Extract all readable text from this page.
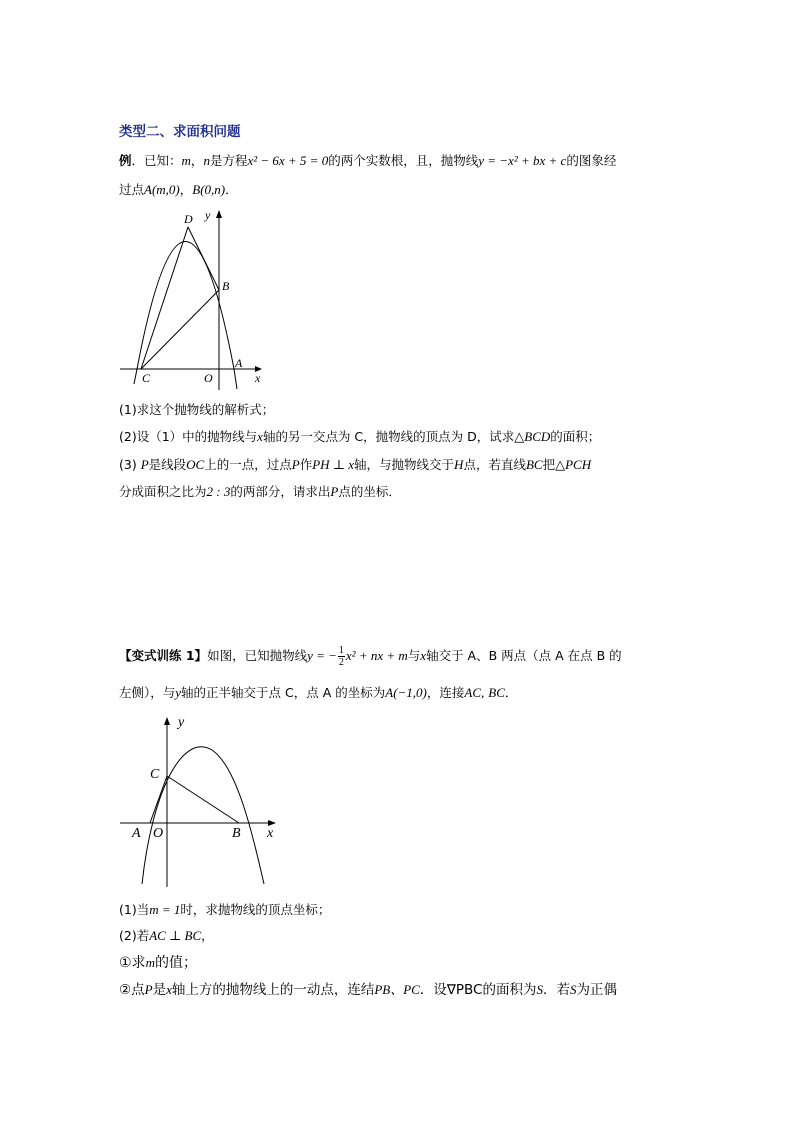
类型二、求面积问题
例．已知：m，n是方程x² − 6x + 5 = 0的两个实数根，且，抛物线y = −x² + bx + c的图象经
过点A(m,0)，B(0,n)．
D y
B
C	O
A
x
(1)求这个抛物线的解析式；
(2)设（1）中的抛物线与x轴的另一交点为 C，抛物线的顶点为 D，试求△BCD的面积；
(3) P是线段OC上的一点，过点P作PH ⊥ x轴，与抛物线交于H点，若直线BC把△PCH
分成面积之比为2 : 3的两部分，请求出P点的坐标．
【变式训练 1】如图，已知抛物线y = − $\frac{1}{2} x^2$ + nx + m与x轴交于 A、B 两点（点 A 在点 B 的
左侧），与y轴的正半轴交于点 C，点 A 的坐标为A(−1,0)，连接AC, BC．
y
C
A O	B x
(1)当m = 1时，求抛物线的顶点坐标；
(2)若AC ⊥ BC，
①求m的值；
②点P是x轴上方的抛物线上的一动点，连结PB、PC．设∇PBC的面积为S．若S为正偶
